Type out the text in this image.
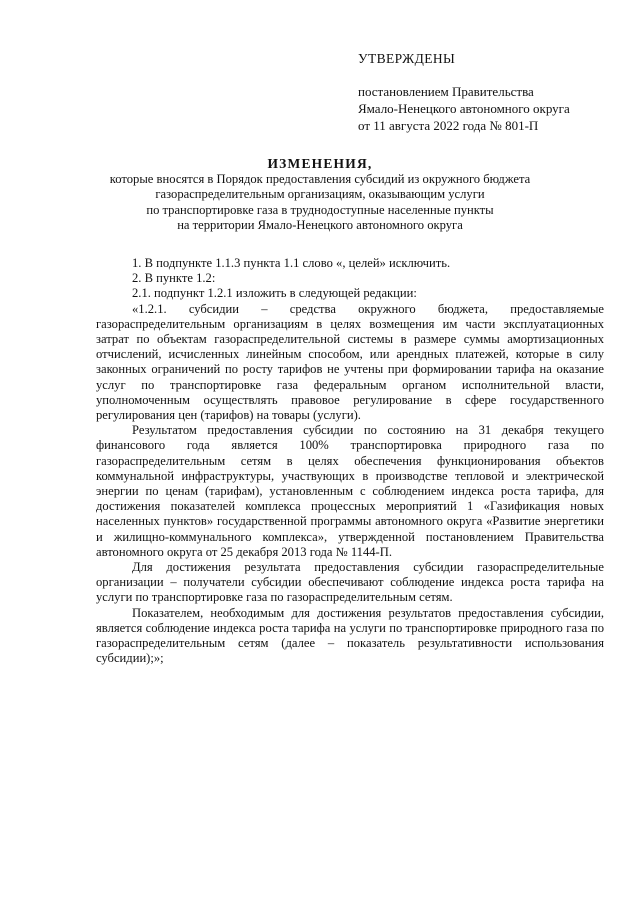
УТВЕРЖДЕНЫ
постановлением Правительства
Ямало-Ненецкого автономного округа
от 11 августа 2022 года № 801-П
ИЗМЕНЕНИЯ,
которые вносятся в Порядок предоставления субсидий из окружного бюджета
газораспределительным организациям, оказывающим услуги
по транспортировке газа в труднодоступные населенные пункты
на территории Ямало-Ненецкого автономного округа

1. В подпункте 1.1.3 пункта 1.1 слово «, целей» исключить.

2. В пункте 1.2:

2.1. подпункт 1.2.1 изложить в следующей редакции:

«1.2.1. субсидии – средства окружного бюджета, предоставляемые газораспределительным организациям в целях возмещения им части эксплуатационных затрат по объектам газораспределительной системы в размере суммы амортизационных отчислений, исчисленных линейным способом, или арендных платежей, которые в силу законных ограничений по росту тарифов не учтены при формировании тарифа на оказание услуг по транспортировке газа федеральным органом исполнительной власти, уполномоченным осуществлять правовое регулирование в сфере государственного регулирования цен (тарифов) на товары (услуги).

Результатом предоставления субсидии по состоянию на 31 декабря текущего финансового года является 100% транспортировка природного газа по газораспределительным сетям в целях обеспечения функционирования объектов коммунальной инфраструктуры, участвующих в производстве тепловой и электрической энергии по ценам (тарифам), установленным с соблюдением индекса роста тарифа, для достижения показателей комплекса процессных мероприятий 1 «Газификация новых населенных пунктов» государственной программы автономного округа «Развитие энергетики и жилищно-коммунального комплекса», утвержденной постановлением Правительства автономного округа от 25 декабря 2013 года № 1144-П.

Для достижения результата предоставления субсидии газораспределительные организации – получатели субсидии обеспечивают соблюдение индекса роста тарифа на услуги по транспортировке газа по газораспределительным сетям.

Показателем, необходимым для достижения результатов предоставления субсидии, является соблюдение индекса роста тарифа на услуги по транспортировке природного газа по газораспределительным сетям (далее – показатель результативности использования субсидии);»;
